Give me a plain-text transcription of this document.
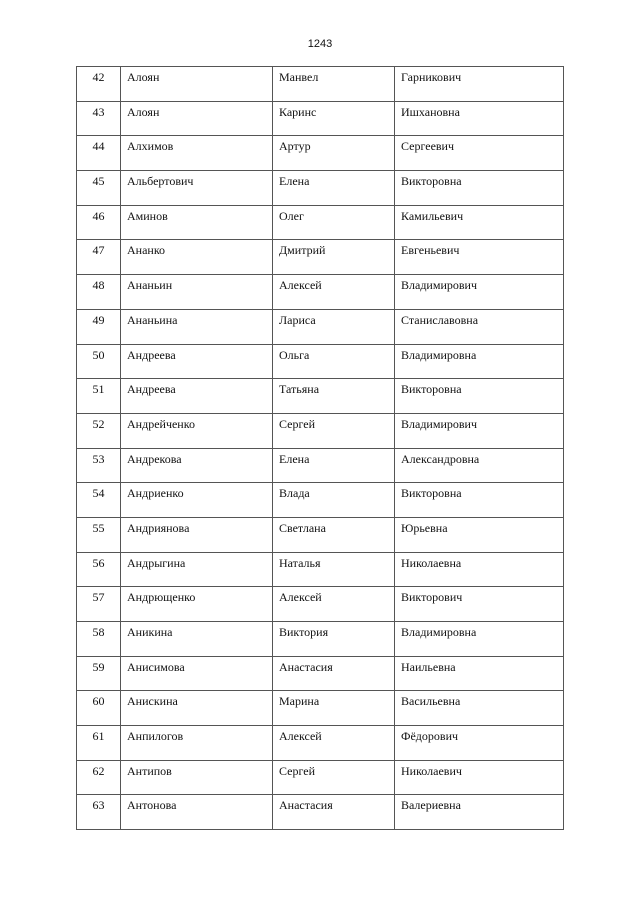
1243
42	Алоян	Манвел	Гарникович
43	Алоян	Каринс	Ишхановна
44	Алхимов	Артур	Сергеевич
45	Альбертович	Елена	Викторовна
46	Аминов	Олег	Камильевич
47	Ананко	Дмитрий	Евгеньевич
48	Ананьин	Алексей	Владимирович
49	Ананьина	Лариса	Станиславовна
50	Андреева	Ольга	Владимировна
51	Андреева	Татьяна	Викторовна
52	Андрейченко	Сергей	Владимирович
53	Андрекова	Елена	Александровна
54	Андриенко	Влада	Викторовна
55	Андриянова	Светлана	Юрьевна
56	Андрыгина	Наталья	Николаевна
57	Андрющенко	Алексей	Викторович
58	Аникина	Виктория	Владимировна
59	Анисимова	Анастасия	Наильевна
60	Анискина	Марина	Васильевна
61	Анпилогов	Алексей	Фёдорович
62	Антипов	Сергей	Николаевич
63	Антонова	Анастасия	Валериевна
